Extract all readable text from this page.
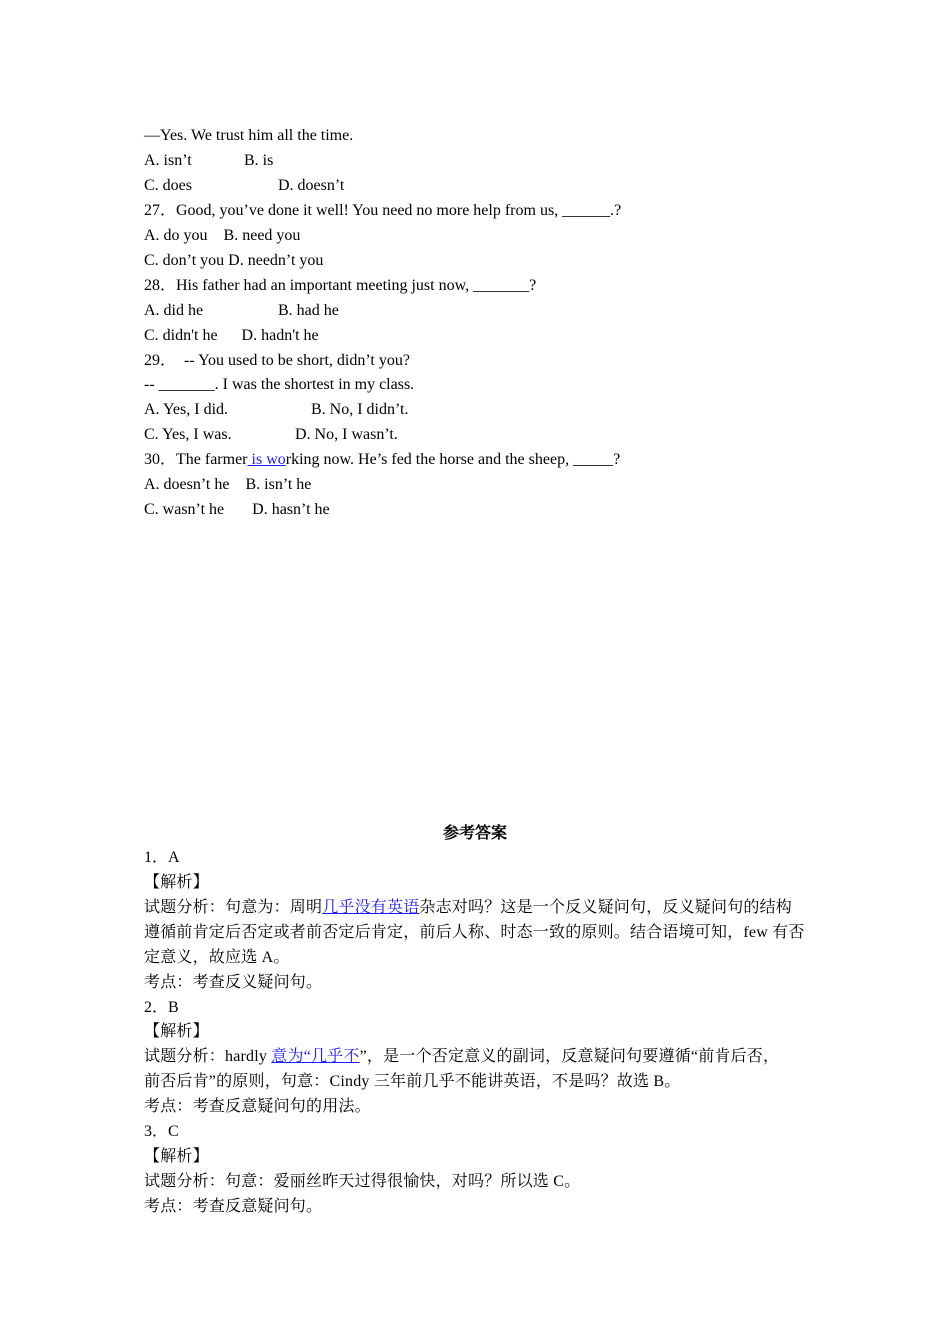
—Yes. We trust him all the time.

A. isn’t	B. is

C. does	D. doesn’t

27．Good, you’ve done it well! You need no more help from us, ______.?

A. do you    B. need you

C. don’t you D. needn’t you

28．His father had an important meeting just now, _______?

A. did he	B. had he

C. didn't he      D. hadn't he

29．  -- You used to be short, didn’t you?

-- _______. I was the shortest in my class.

A. Yes, I did.	B. No, I didn’t.

C. Yes, I was.	D. No, I wasn’t.

30．The farmer is working now. He’s fed the horse and the sheep, _____?

A. doesn’t he    B. isn’t he

C. wasn’t he       D. hasn’t he

参考答案

1．A

【解析】

试题分析：句意为：周明几乎没有英语杂志对吗？这是一个反义疑问句，反义疑问句的结构

遵循前肯定后否定或者前否定后肯定，前后人称、时态一致的原则。结合语境可知，few 有否

定意义，故应选 A。

考点：考查反义疑问句。

2．B

【解析】

试题分析：hardly 意为“几乎不”，是一个否定意义的副词，反意疑问句要遵循“前肯后否，

前否后肯”的原则，句意：Cindy 三年前几乎不能讲英语，不是吗？故选 B。

考点：考查反意疑问句的用法。

3．C

【解析】

试题分析：句意：爱丽丝昨天过得很愉快，对吗？所以选 C。

考点：考查反意疑问句。
